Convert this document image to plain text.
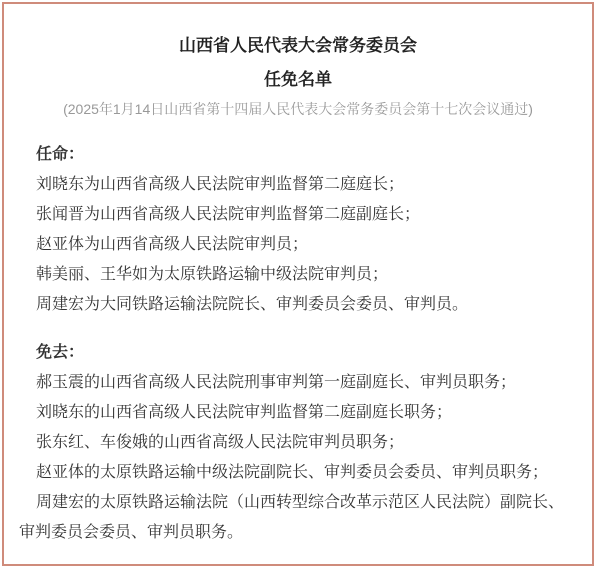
山西省人民代表大会常务委员会
任免名单

(2025年1月14日山西省第十四届人民代表大会常务委员会第十七次会议通过)

任命：

刘晓东为山西省高级人民法院审判监督第二庭庭长；

张闻晋为山西省高级人民法院审判监督第二庭副庭长；

赵亚体为山西省高级人民法院审判员；

韩美丽、王华如为太原铁路运输中级法院审判员；

周建宏为大同铁路运输法院院长、审判委员会委员、审判员。

免去：

郝玉震的山西省高级人民法院刑事审判第一庭副庭长、审判员职务；

刘晓东的山西省高级人民法院审判监督第二庭副庭长职务；

张东红、车俊娥的山西省高级人民法院审判员职务；

赵亚体的太原铁路运输中级法院副院长、审判委员会委员、审判员职务；

周建宏的太原铁路运输法院（山西转型综合改革示范区人民法院）副院长、审判委员会委员、审判员职务。
